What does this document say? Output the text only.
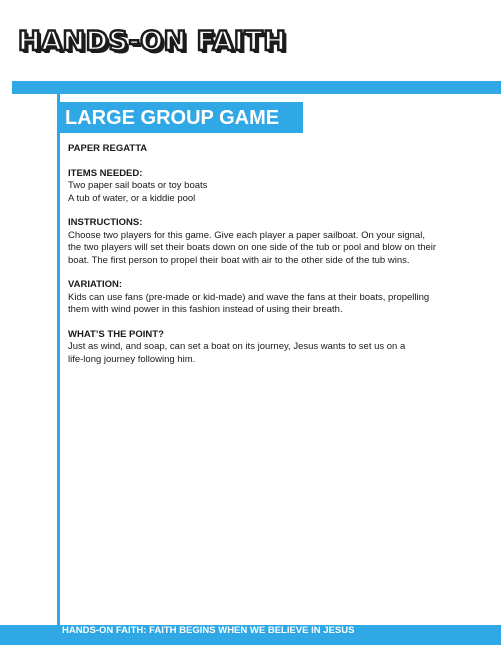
HANDS-ON FAITH
LARGE GROUP GAME
PAPER REGATTA
ITEMS NEEDED:
Two paper sail boats or toy boats
A tub of water, or a kiddie pool
INSTRUCTIONS:
Choose two players for this game. Give each player a paper sailboat. On your signal,
the two players will set their boats down on one side of the tub or pool and blow on their
boat. The first person to propel their boat with air to the other side of the tub wins.
VARIATION:
Kids can use fans (pre-made or kid-made) and wave the fans at their boats, propelling
them with wind power in this fashion instead of using their breath.
WHAT’S THE POINT?
Just as wind, and soap, can set a boat on its journey, Jesus wants to set us on a
life-long journey following him.
HANDS-ON FAITH: FAITH BEGINS WHEN WE BELIEVE IN JESUS
